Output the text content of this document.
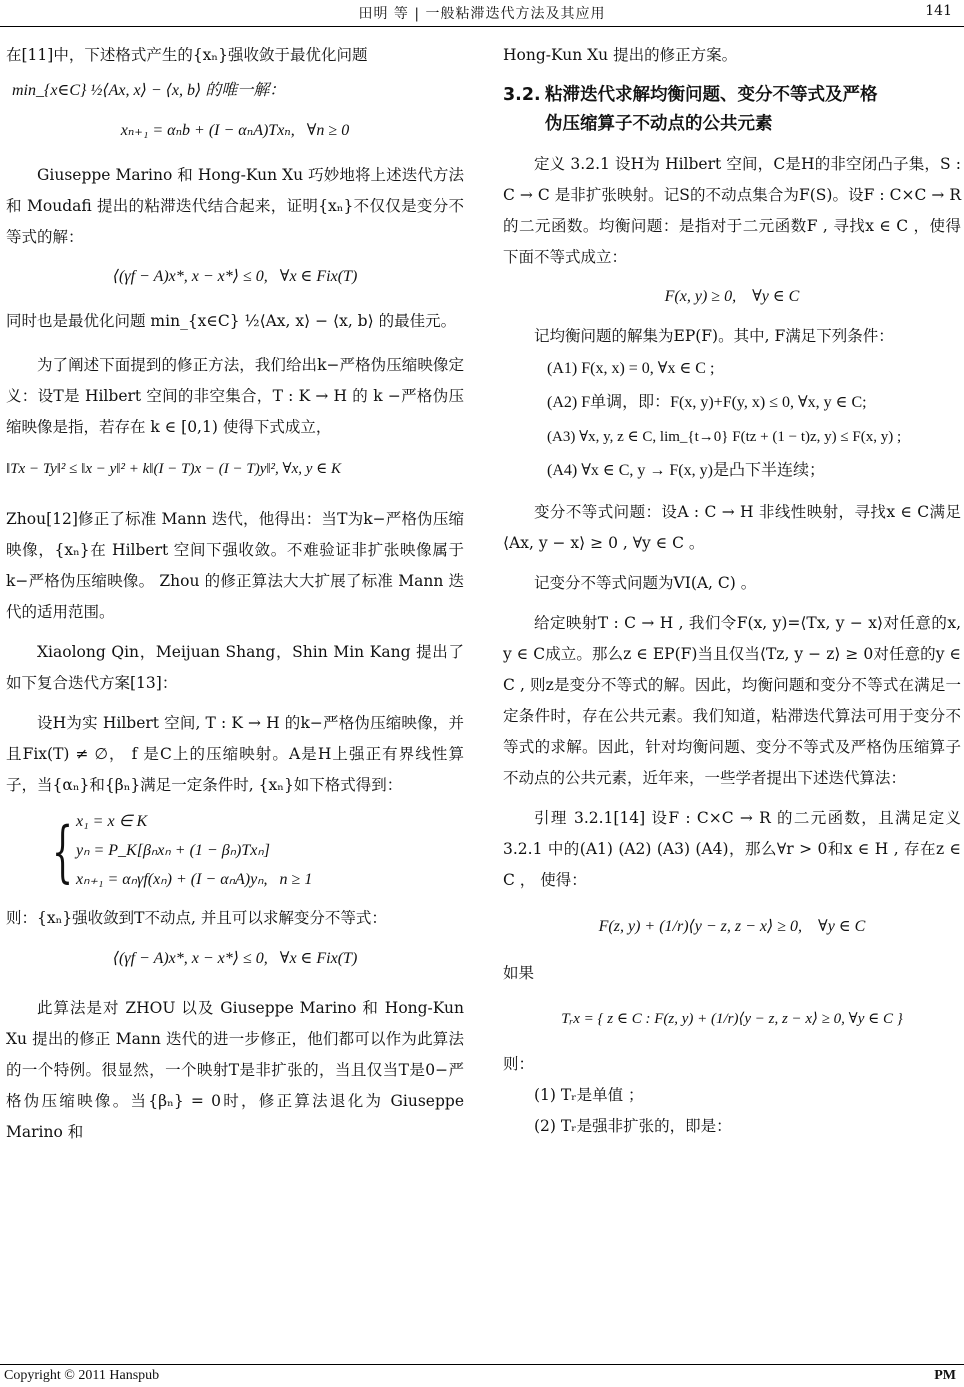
田明 等 | 一般粘滞迭代方法及其应用	141

在[11]中，下述格式产生的{xₙ}强收敛于最优化问题

min_{x∈C} ½⟨Ax, x⟩ − ⟨x, b⟩ 的唯一解：

xₙ₊₁ = αₙb + (I − αₙA)Txₙ,   ∀n ≥ 0

Giuseppe Marino 和 Hong-Kun Xu 巧妙地将上述迭代方法和 Moudafi 提出的粘滞迭代结合起来，证明{xₙ}不仅仅是变分不等式的解：

⟨(γf − A)x*, x − x*⟩ ≤ 0,   ∀x ∈ Fix(T)

同时也是最优化问题 min_{x∈C} ½⟨Ax, x⟩ − ⟨x, b⟩ 的最佳元。

为了阐述下面提到的修正方法，我们给出k−严格伪压缩映像定义：设T是 Hilbert 空间的非空集合，T : K → H 的 k −严格伪压缩映像是指，若存在 k ∈ [0,1) 使得下式成立，

‖Tx − Ty‖² ≤ ‖x − y‖² + k‖(I − T)x − (I − T)y‖², ∀x, y ∈ K

Zhou[12]修正了标准 Mann 迭代，他得出：当T为k−严格伪压缩映像，{xₙ}在 Hilbert 空间下强收敛。不难验证非扩张映像属于k−严格伪压缩映像。 Zhou 的修正算法大大扩展了标准 Mann 迭代的适用范围。

Xiaolong Qin，Meijuan Shang，Shin Min Kang 提出了如下复合迭代方案[13]：

设H为实 Hilbert 空间, T : K → H 的k−严格伪压缩映像，并且Fix(T) ≠ ∅， f 是C上的压缩映射。A是H上强正有界线性算子，当{αₙ}和{βₙ}满足一定条件时, {xₙ}如下格式得到：

{ x₁ = x ∈ K
yₙ = P_K[βₙxₙ + (1 − βₙ)Txₙ]
xₙ₊₁ = αₙγf(xₙ) + (I − αₙA)yₙ,   n ≥ 1

则：{xₙ}强收敛到T不动点, 并且可以求解变分不等式：

⟨(γf − A)x*, x − x*⟩ ≤ 0,   ∀x ∈ Fix(T)

此算法是对 ZHOU 以及 Giuseppe Marino 和 Hong-Kun Xu 提出的修正 Mann 迭代的进一步修正，他们都可以作为此算法的一个特例。很显然，一个映射T是非扩张的，当且仅当T是0−严格伪压缩映像。当{βₙ} = 0时，修正算法退化为 Giuseppe Marino 和

Hong-Kun Xu 提出的修正方案。

3.2. 粘滞迭代求解均衡问题、变分不等式及严格
伪压缩算子不动点的公共元素

定义 3.2.1 设H为 Hilbert 空间，C是H的非空闭凸子集，S : C → C 是非扩张映射。记S的不动点集合为F(S)。设F : C×C → R 的二元函数。均衡问题：是指对于二元函数F , 寻找x ∈ C ，使得下面不等式成立：

F(x, y) ≥ 0,    ∀y ∈ C

记均衡问题的解集为EP(F)。其中, F满足下列条件：

(A1) F(x, x) = 0, ∀x ∈ C ;
(A2) F单调，即：F(x, y)+F(y, x) ≤ 0, ∀x, y ∈ C;
(A3) ∀x, y, z ∈ C, lim_{t→0} F(tz + (1 − t)z, y) ≤ F(x, y) ;
(A4) ∀x ∈ C, y → F(x, y)是凸下半连续；

变分不等式问题：设A : C → H 非线性映射，寻找x ∈ C满足⟨Ax, y − x⟩ ≥ 0 , ∀y ∈ C 。

记变分不等式问题为VI(A, C) 。

给定映射T : C → H , 我们令F(x, y)=⟨Tx, y − x⟩对任意的x, y ∈ C成立。那么z ∈ EP(F)当且仅当⟨Tz, y − z⟩ ≥ 0对任意的y ∈ C , 则z是变分不等式的解。因此，均衡问题和变分不等式在满足一定条件时，存在公共元素。我们知道，粘滞迭代算法可用于变分不等式的求解。因此，针对均衡问题、变分不等式及严格伪压缩算子不动点的公共元素，近年来，一些学者提出下述迭代算法：

引理 3.2.1[14] 设F : C×C → R 的二元函数，且满足定义 3.2.1 中的(A1) (A2) (A3) (A4)，那么∀r > 0和x ∈ H , 存在z ∈ C ， 使得：

F(z, y) + (1/r)⟨y − z, z − x⟩ ≥ 0,    ∀y ∈ C

如果

Tᵣx = { z ∈ C : F(z, y) + (1/r)⟨y − z, z − x⟩ ≥ 0, ∀y ∈ C }

则：

(1) Tᵣ是单值 ；

(2) Tᵣ是强非扩张的，即是：

Copyright © 2011 Hanspub	PM
